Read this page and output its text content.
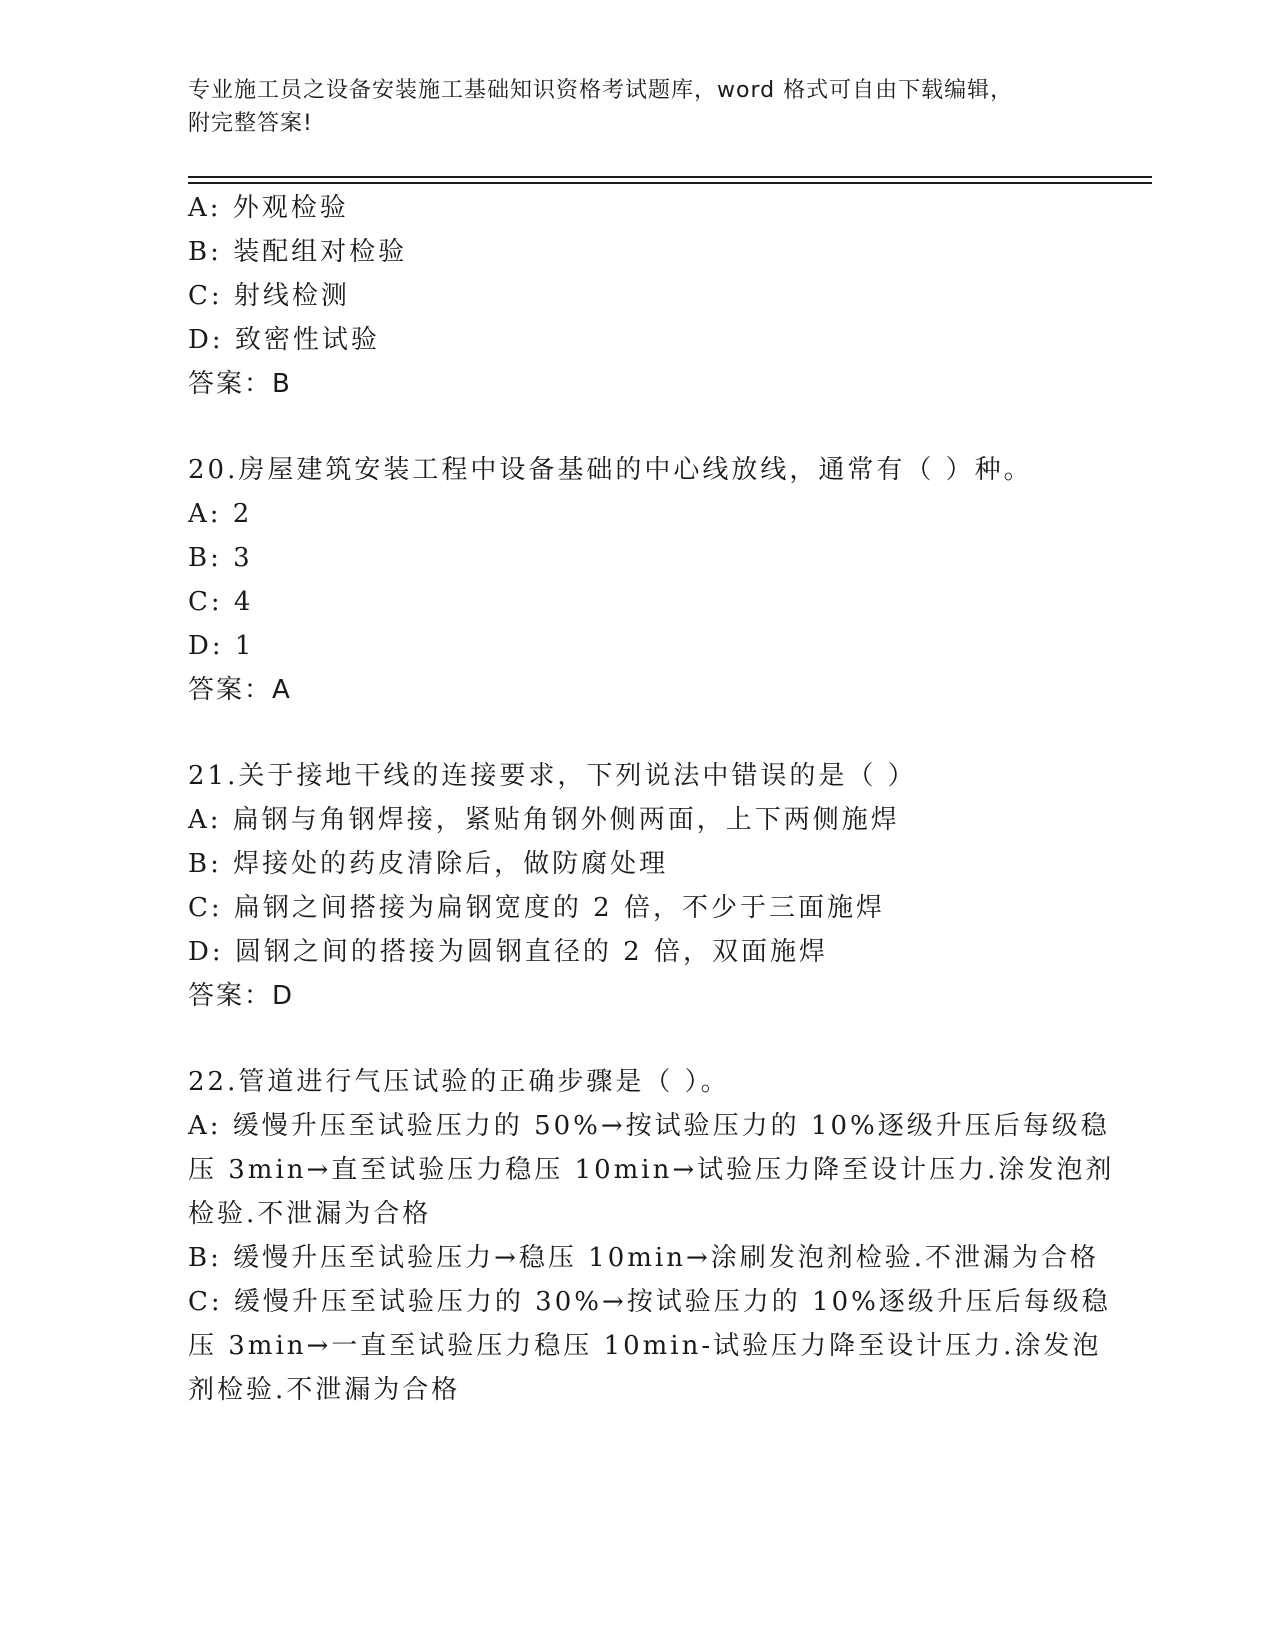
专业施工员之设备安装施工基础知识资格考试题库，word 格式可自由下载编辑，
附完整答案!
A: 外观检验
B: 装配组对检验
C: 射线检测
D: 致密性试验
答案：B
20.房屋建筑安装工程中设备基础的中心线放线，通常有（ ）种。
A: 2
B: 3
C: 4
D: 1
答案：A
21.关于接地干线的连接要求，下列说法中错误的是（ ）
A: 扁钢与角钢焊接，紧贴角钢外侧两面，上下两侧施焊
B: 焊接处的药皮清除后，做防腐处理
C: 扁钢之间搭接为扁钢宽度的 2 倍，不少于三面施焊
D: 圆钢之间的搭接为圆钢直径的 2 倍，双面施焊
答案：D
22.管道进行气压试验的正确步骤是（ ）。
A: 缓慢升压至试验压力的 50%→按试验压力的 10%逐级升压后每级稳
压 3min→直至试验压力稳压 10min→试验压力降至设计压力.涂发泡剂
检验.不泄漏为合格
B: 缓慢升压至试验压力→稳压 10min→涂刷发泡剂检验.不泄漏为合格
C: 缓慢升压至试验压力的 30%→按试验压力的 10%逐级升压后每级稳
压 3min→一直至试验压力稳压 10min-试验压力降至设计压力.涂发泡
剂检验.不泄漏为合格
